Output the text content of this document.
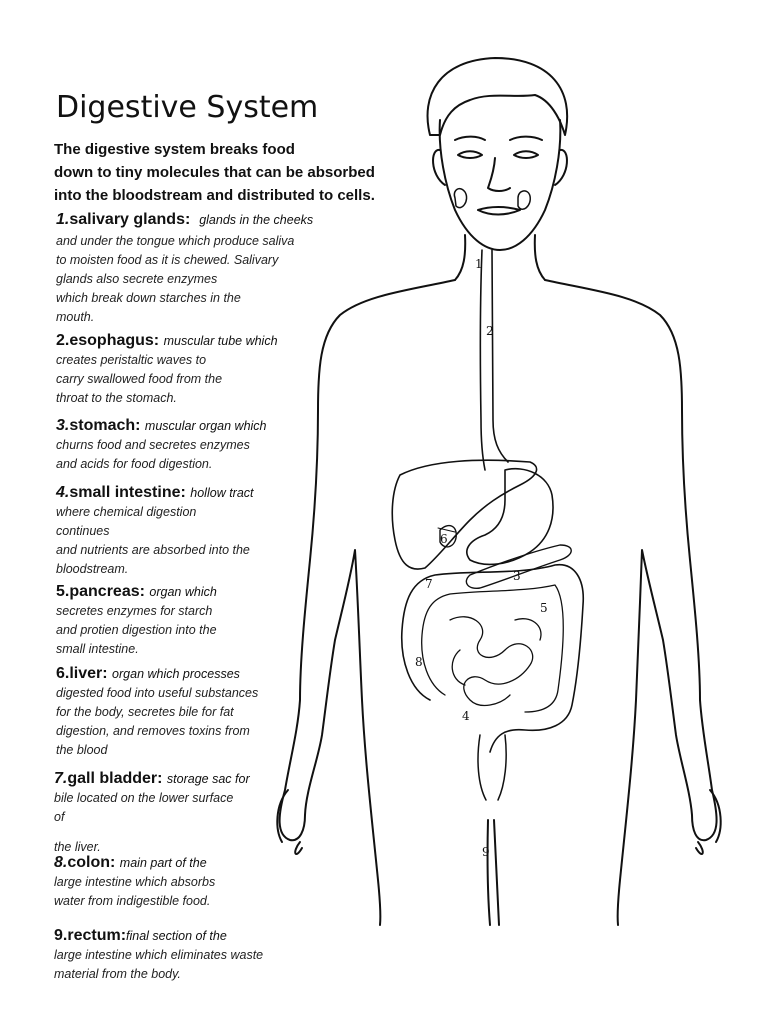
Digestive System

The digestive system breaks food
down to tiny molecules that can be absorbed
into the bloodstream and distributed to cells.

1.salivary glands: glands in the cheeks
and under the tongue which produce saliva
to moisten food as it is chewed. Salivary
glands also secrete enzymes
which break down starches in the
mouth.
2.esophagus: muscular tube which
creates peristaltic waves to
carry swallowed food from the
throat to the stomach.
3.stomach: muscular organ which
churns food and secretes enzymes
and acids for food digestion.
4.small intestine: hollow tract
where chemical digestion
continues
and nutrients are absorbed into the
bloodstream.
5.pancreas: organ which
secretes enzymes for starch
and protien digestion into the
small intestine.
6.liver: organ which processes
digested food into useful substances
for the body, secretes bile for fat
digestion, and removes toxins from
the blood
7.gall bladder: storage sac for
bile located on the lower surface
of
the liver.
8.colon: main part of the
large intestine which absorbs
water from indigestible food.
9.rectum:final section of the
large intestine which eliminates waste
material from the body.
1
2
3
4
5
6
7
8
9
